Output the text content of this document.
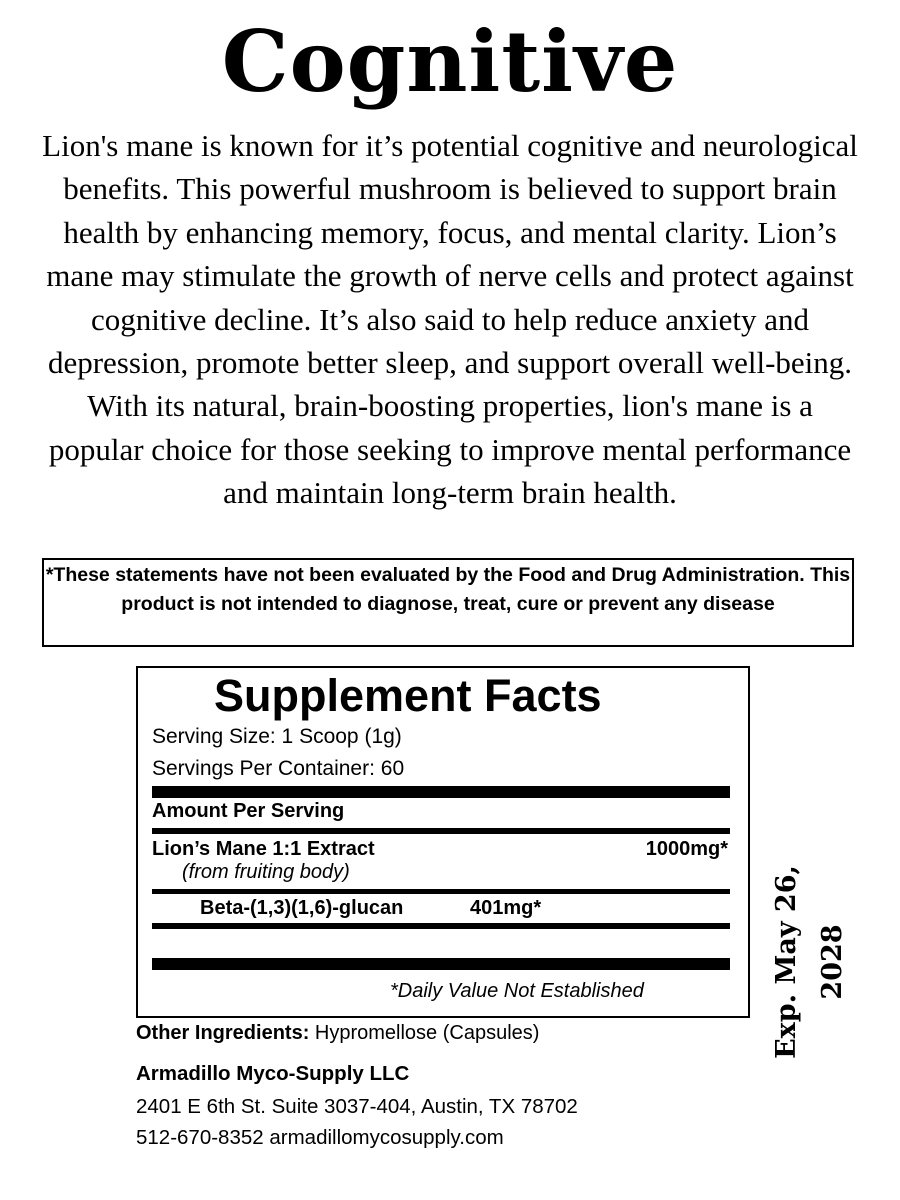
Cognitive

Lion's mane is known for it’s potential cognitive and neurological benefits. This powerful mushroom is believed to support brain health by enhancing memory, focus, and mental clarity. Lion’s mane may stimulate the growth of nerve cells and protect against cognitive decline. It’s also said to help reduce anxiety and depression, promote better sleep, and support overall well-being. With its natural, brain-boosting properties, lion's mane is a popular choice for those seeking to improve mental performance and maintain long-term brain health.

*These statements have not been evaluated by the Food and Drug Administration. This product is not intended to diagnose, treat, cure or prevent any disease
Supplement Facts
Serving Size: 1 Scoop (1g)
Servings Per Container: 60
Amount Per Serving
Lion’s Mane 1:1 Extract	1000mg*
(from fruiting body)
Beta-(1,3)(1,6)-glucan	401mg*
*Daily Value Not Established
Other Ingredients: Hypromellose (Capsules)
Armadillo Myco-Supply LLC
2401 E 6th St. Suite 3037-404, Austin, TX 78702
512-670-8352 armadillomycosupply.com
Exp. May 26, 2028
